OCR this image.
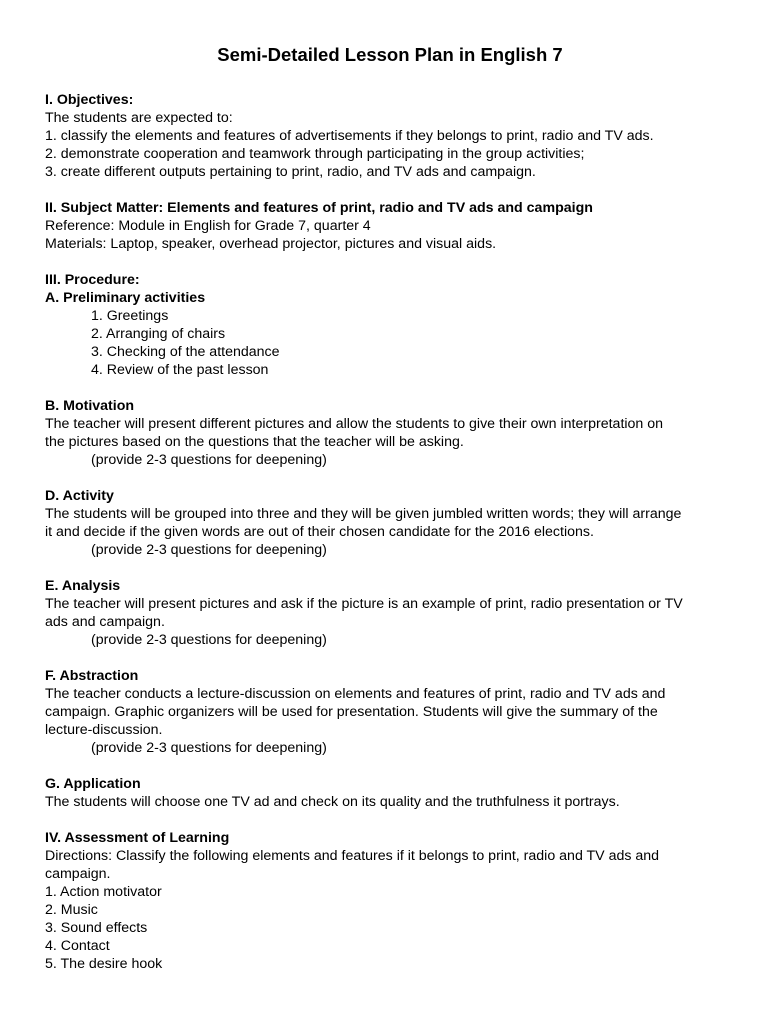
Semi-Detailed Lesson Plan in English 7
I. Objectives:
The students are expected to:
1. classify the elements and features of advertisements if they belongs to print, radio and TV ads.
2. demonstrate cooperation and teamwork through participating in the group activities;
3. create different outputs pertaining to print, radio, and TV ads and campaign.
II. Subject Matter: Elements and features of print, radio and TV ads and campaign
Reference: Module in English for Grade 7, quarter 4
Materials: Laptop, speaker, overhead projector, pictures and visual aids.
III. Procedure:
A. Preliminary activities
1. Greetings
2. Arranging of chairs
3. Checking of the attendance
4. Review of the past lesson
B. Motivation
The teacher will present different pictures and allow the students to give their own interpretation on
the pictures based on the questions that the teacher will be asking.
(provide 2-3 questions for deepening)
D. Activity
The students will be grouped into three and they will be given jumbled written words; they will arrange
it and decide if the given words are out of their chosen candidate for the 2016 elections.
(provide 2-3 questions for deepening)
E. Analysis
The teacher will present pictures and ask if the picture is an example of print, radio presentation or TV
ads and campaign.
(provide 2-3 questions for deepening)
F. Abstraction
The teacher conducts a lecture-discussion on elements and features of print, radio and TV ads and
campaign. Graphic organizers will be used for presentation. Students will give the summary of the
lecture-discussion.
(provide 2-3 questions for deepening)
G. Application
The students will choose one TV ad and check on its quality and the truthfulness it portrays.
IV. Assessment of Learning
Directions: Classify the following elements and features if it belongs to print, radio and TV ads and
campaign.
1. Action motivator
2. Music
3. Sound effects
4. Contact
5. The desire hook
